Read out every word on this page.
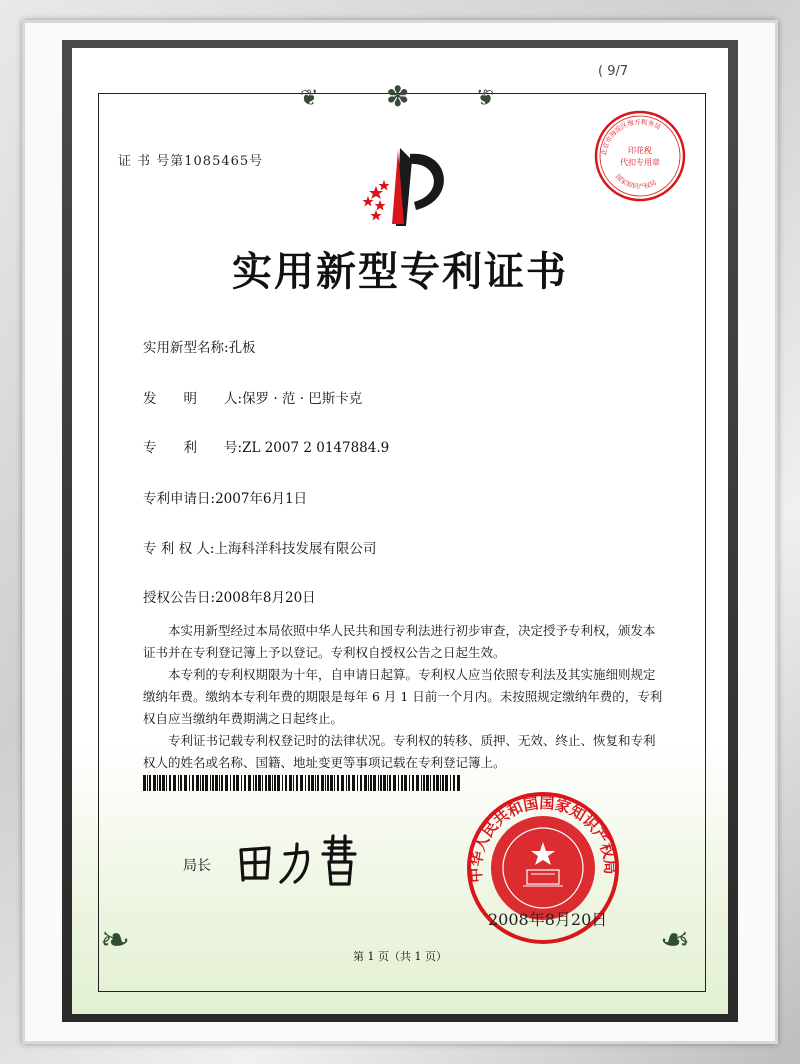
❦ ✽	❦
❧	❧
( 9/7
证 书 号第1085465号
印花税
代扣专用章
北京市海淀区地方税务局
国家知识产权局
实用新型专利证书
实用新型名称:孔板
发　　明　　人:保罗 · 范 · 巴斯卡克
专　　利　　号:ZL 2007 2 0147884.9
专利申请日:2007年6月1日
专 利 权 人:上海科洋科技发展有限公司
授权公告日:2008年8月20日

本实用新型经过本局依照中华人民共和国专利法进行初步审查，决定授予专利权，颁发本证书并在专利登记簿上予以登记。专利权自授权公告之日起生效。

本专利的专利权期限为十年，自申请日起算。专利权人应当依照专利法及其实施细则规定缴纳年费。缴纳本专利年费的期限是每年 6 月 1 日前一个月内。未按照规定缴纳年费的，专利权自应当缴纳年费期满之日起终止。

专利证书记载专利权登记时的法律状况。专利权的转移、质押、无效、终止、恢复和专利权人的姓名或名称、国籍、地址变更等事项记载在专利登记簿上。

局长
中华人民共和国国家知识产权局
2008年8月20日
第 1 页（共 1 页）
